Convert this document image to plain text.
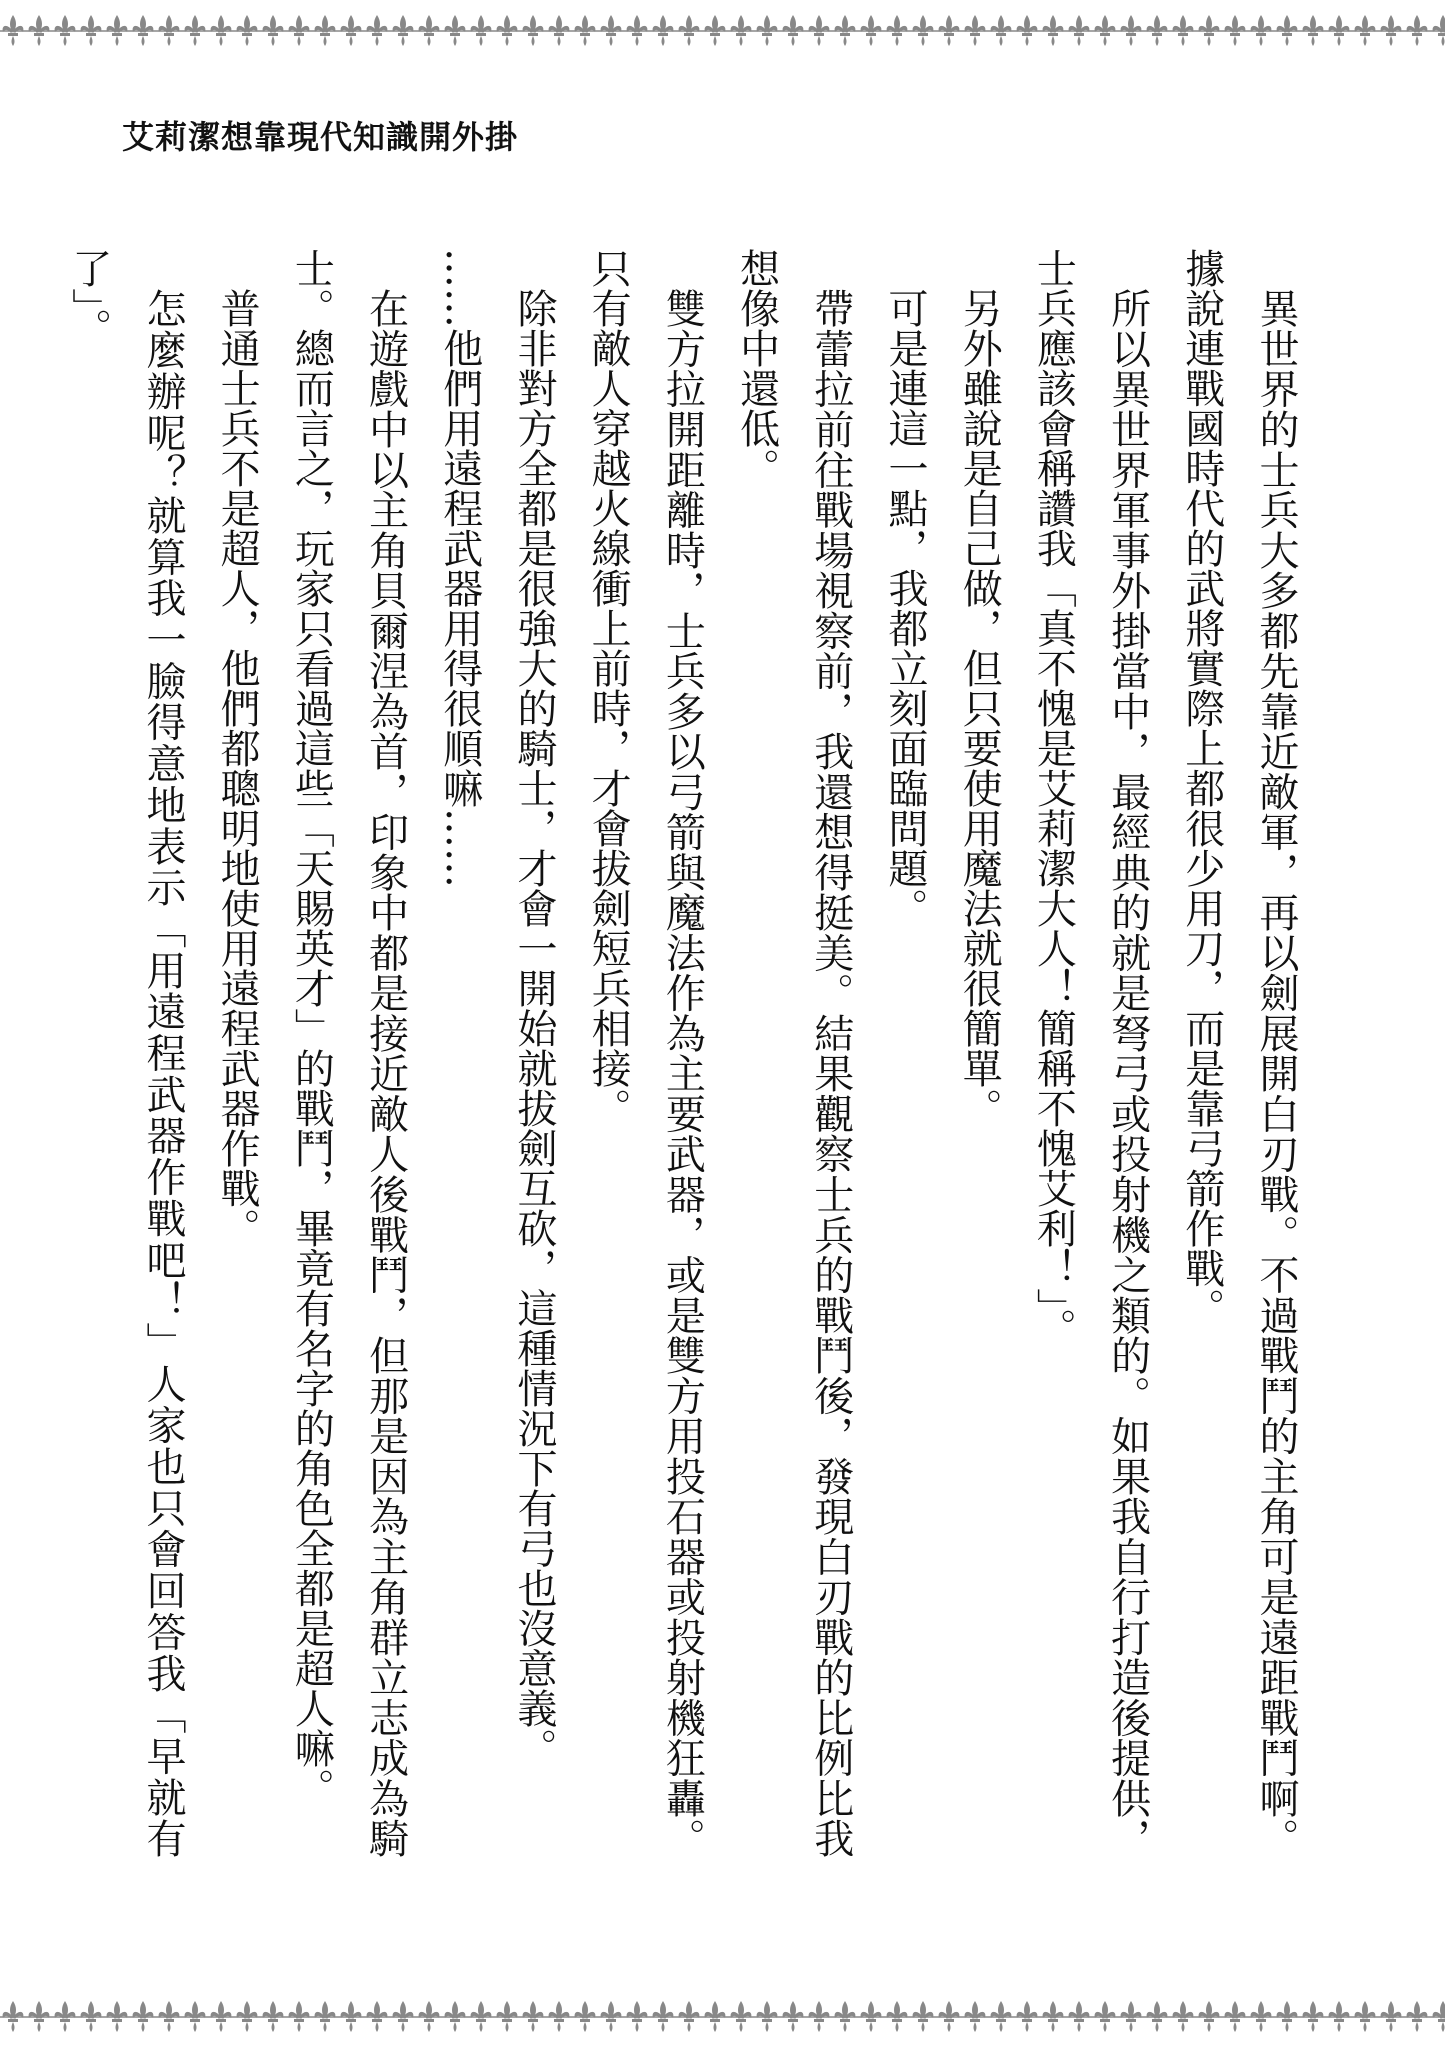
艾莉潔想靠現代知識開外掛

異世界的士兵大多都先靠近敵軍，再以劍展開白刃戰。不過戰鬥的主角可是遠距戰鬥啊。據說連戰國時代的武將實際上都很少用刀，而是靠弓箭作戰。

所以異世界軍事外掛當中，最經典的就是弩弓或投射機之類的。如果我自行打造後提供，士兵應該會稱讚我「真不愧是艾莉潔大人！簡稱不愧艾利！」。

另外雖說是自己做，但只要使用魔法就很簡單。

可是連這一點，我都立刻面臨問題。

帶蕾拉前往戰場視察前，我還想得挺美。結果觀察士兵的戰鬥後，發現白刃戰的比例比我想像中還低。

雙方拉開距離時，士兵多以弓箭與魔法作為主要武器，或是雙方用投石器或投射機狂轟。只有敵人穿越火線衝上前時，才會拔劍短兵相接。

除非對方全都是很強大的騎士，才會一開始就拔劍互砍，這種情況下有弓也沒意義。

……他們用遠程武器用得很順嘛……

在遊戲中以主角貝爾涅為首，印象中都是接近敵人後戰鬥，但那是因為主角群立志成為騎士。總而言之，玩家只看過這些「天賜英才」的戰鬥，畢竟有名字的角色全都是超人嘛。

普通士兵不是超人，他們都聰明地使用遠程武器作戰。

怎麼辦呢？就算我一臉得意地表示「用遠程武器作戰吧！」人家也只會回答我「早就有了」。
